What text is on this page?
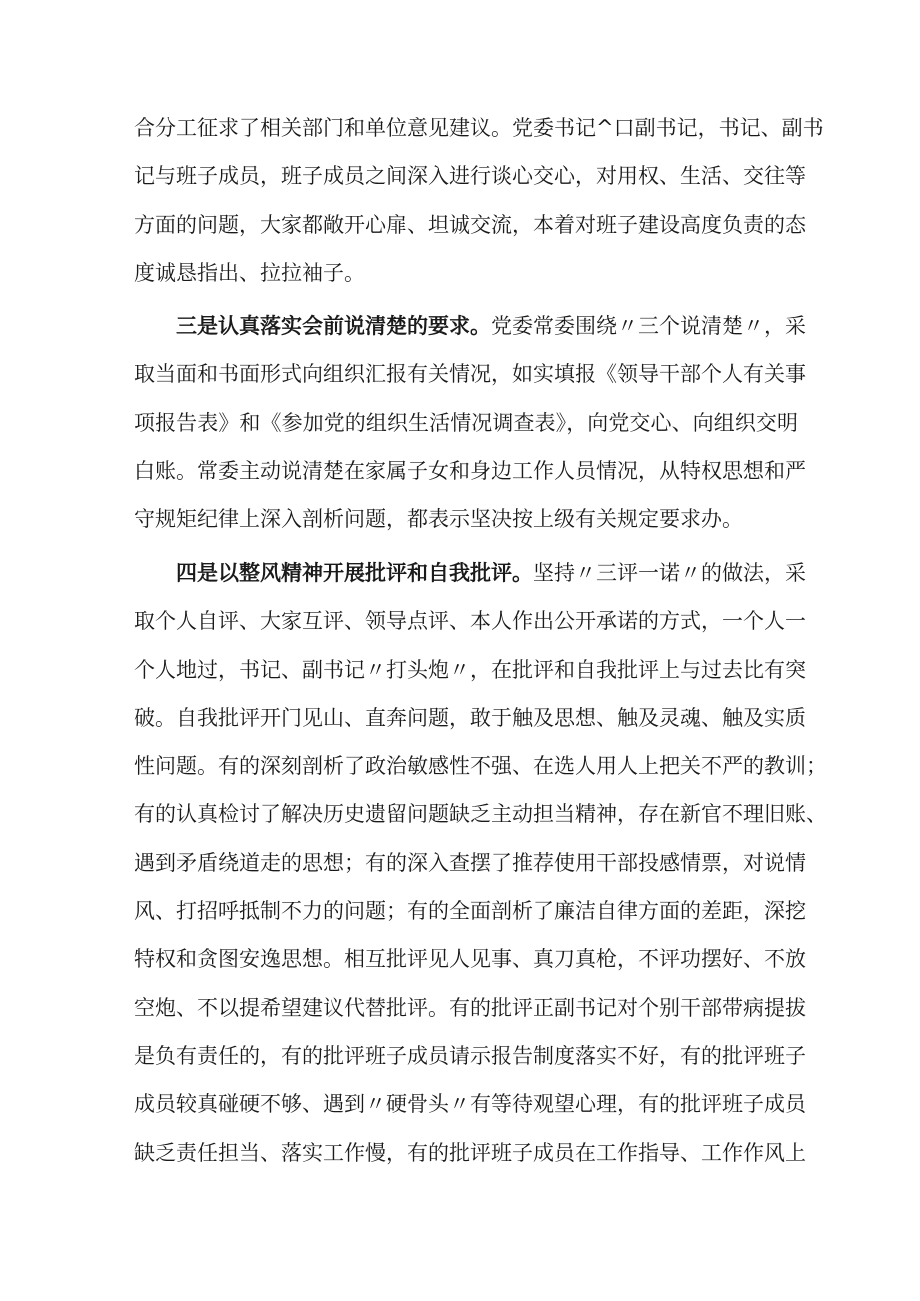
合分工征求了相关部门和单位意见建议。党委书记^口副书记，书记、副书
记与班子成员，班子成员之间深入进行谈心交心，对用权、生活、交往等
方面的问题，大家都敞开心扉、坦诚交流，本着对班子建设高度负责的态
度诚恳指出、拉拉袖子。
三是认真落实会前说清楚的要求。党委常委围绕〃三个说清楚〃，采
取当面和书面形式向组织汇报有关情况，如实填报《领导干部个人有关事
项报告表》和《参加党的组织生活情况调查表》，向党交心、向组织交明
白账。常委主动说清楚在家属子女和身边工作人员情况，从特权思想和严
守规矩纪律上深入剖析问题，都表示坚决按上级有关规定要求办。
四是以整风精神开展批评和自我批评。坚持〃三评一诺〃的做法，采
取个人自评、大家互评、领导点评、本人作出公开承诺的方式，一个人一
个人地过，书记、副书记〃打头炮〃，在批评和自我批评上与过去比有突
破。自我批评开门见山、直奔问题，敢于触及思想、触及灵魂、触及实质
性问题。有的深刻剖析了政治敏感性不强、在选人用人上把关不严的教训；
有的认真检讨了解决历史遗留问题缺乏主动担当精神，存在新官不理旧账、
遇到矛盾绕道走的思想；有的深入查摆了推荐使用干部投感情票，对说情
风、打招呼抵制不力的问题；有的全面剖析了廉洁自律方面的差距，深挖
特权和贪图安逸思想。相互批评见人见事、真刀真枪，不评功摆好、不放
空炮、不以提希望建议代替批评。有的批评正副书记对个别干部带病提拔
是负有责任的，有的批评班子成员请示报告制度落实不好，有的批评班子
成员较真碰硬不够、遇到〃硬骨头〃有等待观望心理，有的批评班子成员
缺乏责任担当、落实工作慢，有的批评班子成员在工作指导、工作作风上
